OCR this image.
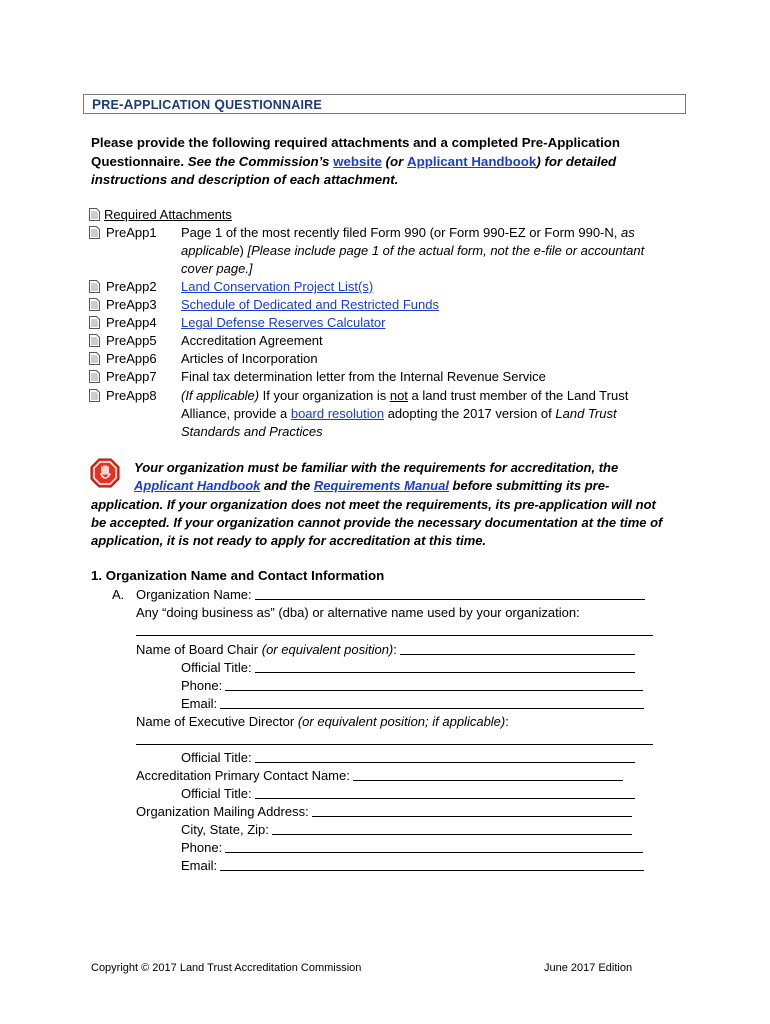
PRE-APPLICATION QUESTIONNAIRE
Please provide the following required attachments and a completed Pre-Application
Questionnaire. See the Commission’s website (or Applicant Handbook) for detailed
instructions and description of each attachment.
Required Attachments
PreApp1 Page 1 of the most recently filed Form 990 (or Form 990-EZ or Form 990-N, as
applicable) [Please include page 1 of the actual form, not the e-file or accountant
cover page.]
PreApp2 Land Conservation Project List(s)
PreApp3 Schedule of Dedicated and Restricted Funds
PreApp4 Legal Defense Reserves Calculator
PreApp5 Accreditation Agreement
PreApp6 Articles of Incorporation
PreApp7 Final tax determination letter from the Internal Revenue Service
PreApp8 (If applicable) If your organization is not a land trust member of the Land Trust
Alliance, provide a board resolution adopting the 2017 version of Land Trust
Standards and Practices
Your organization must be familiar with the requirements for accreditation, the
Applicant Handbook and the Requirements Manual before submitting its pre-
application. If your organization does not meet the requirements, its pre-application will not
be accepted. If your organization cannot provide the necessary documentation at the time of
application, it is not ready to apply for accreditation at this time.
1. Organization Name and Contact Information
A. Organization Name:
Any “doing business as” (dba) or alternative name used by your organization:
Name of Board Chair (or equivalent position):
Official Title:
Phone:
Email:
Name of Executive Director (or equivalent position; if applicable):
Official Title:
Accreditation Primary Contact Name:
Official Title:
Organization Mailing Address:
City, State, Zip:
Phone:
Email:
Copyright © 2017 Land Trust Accreditation Commission	June 2017 Edition
